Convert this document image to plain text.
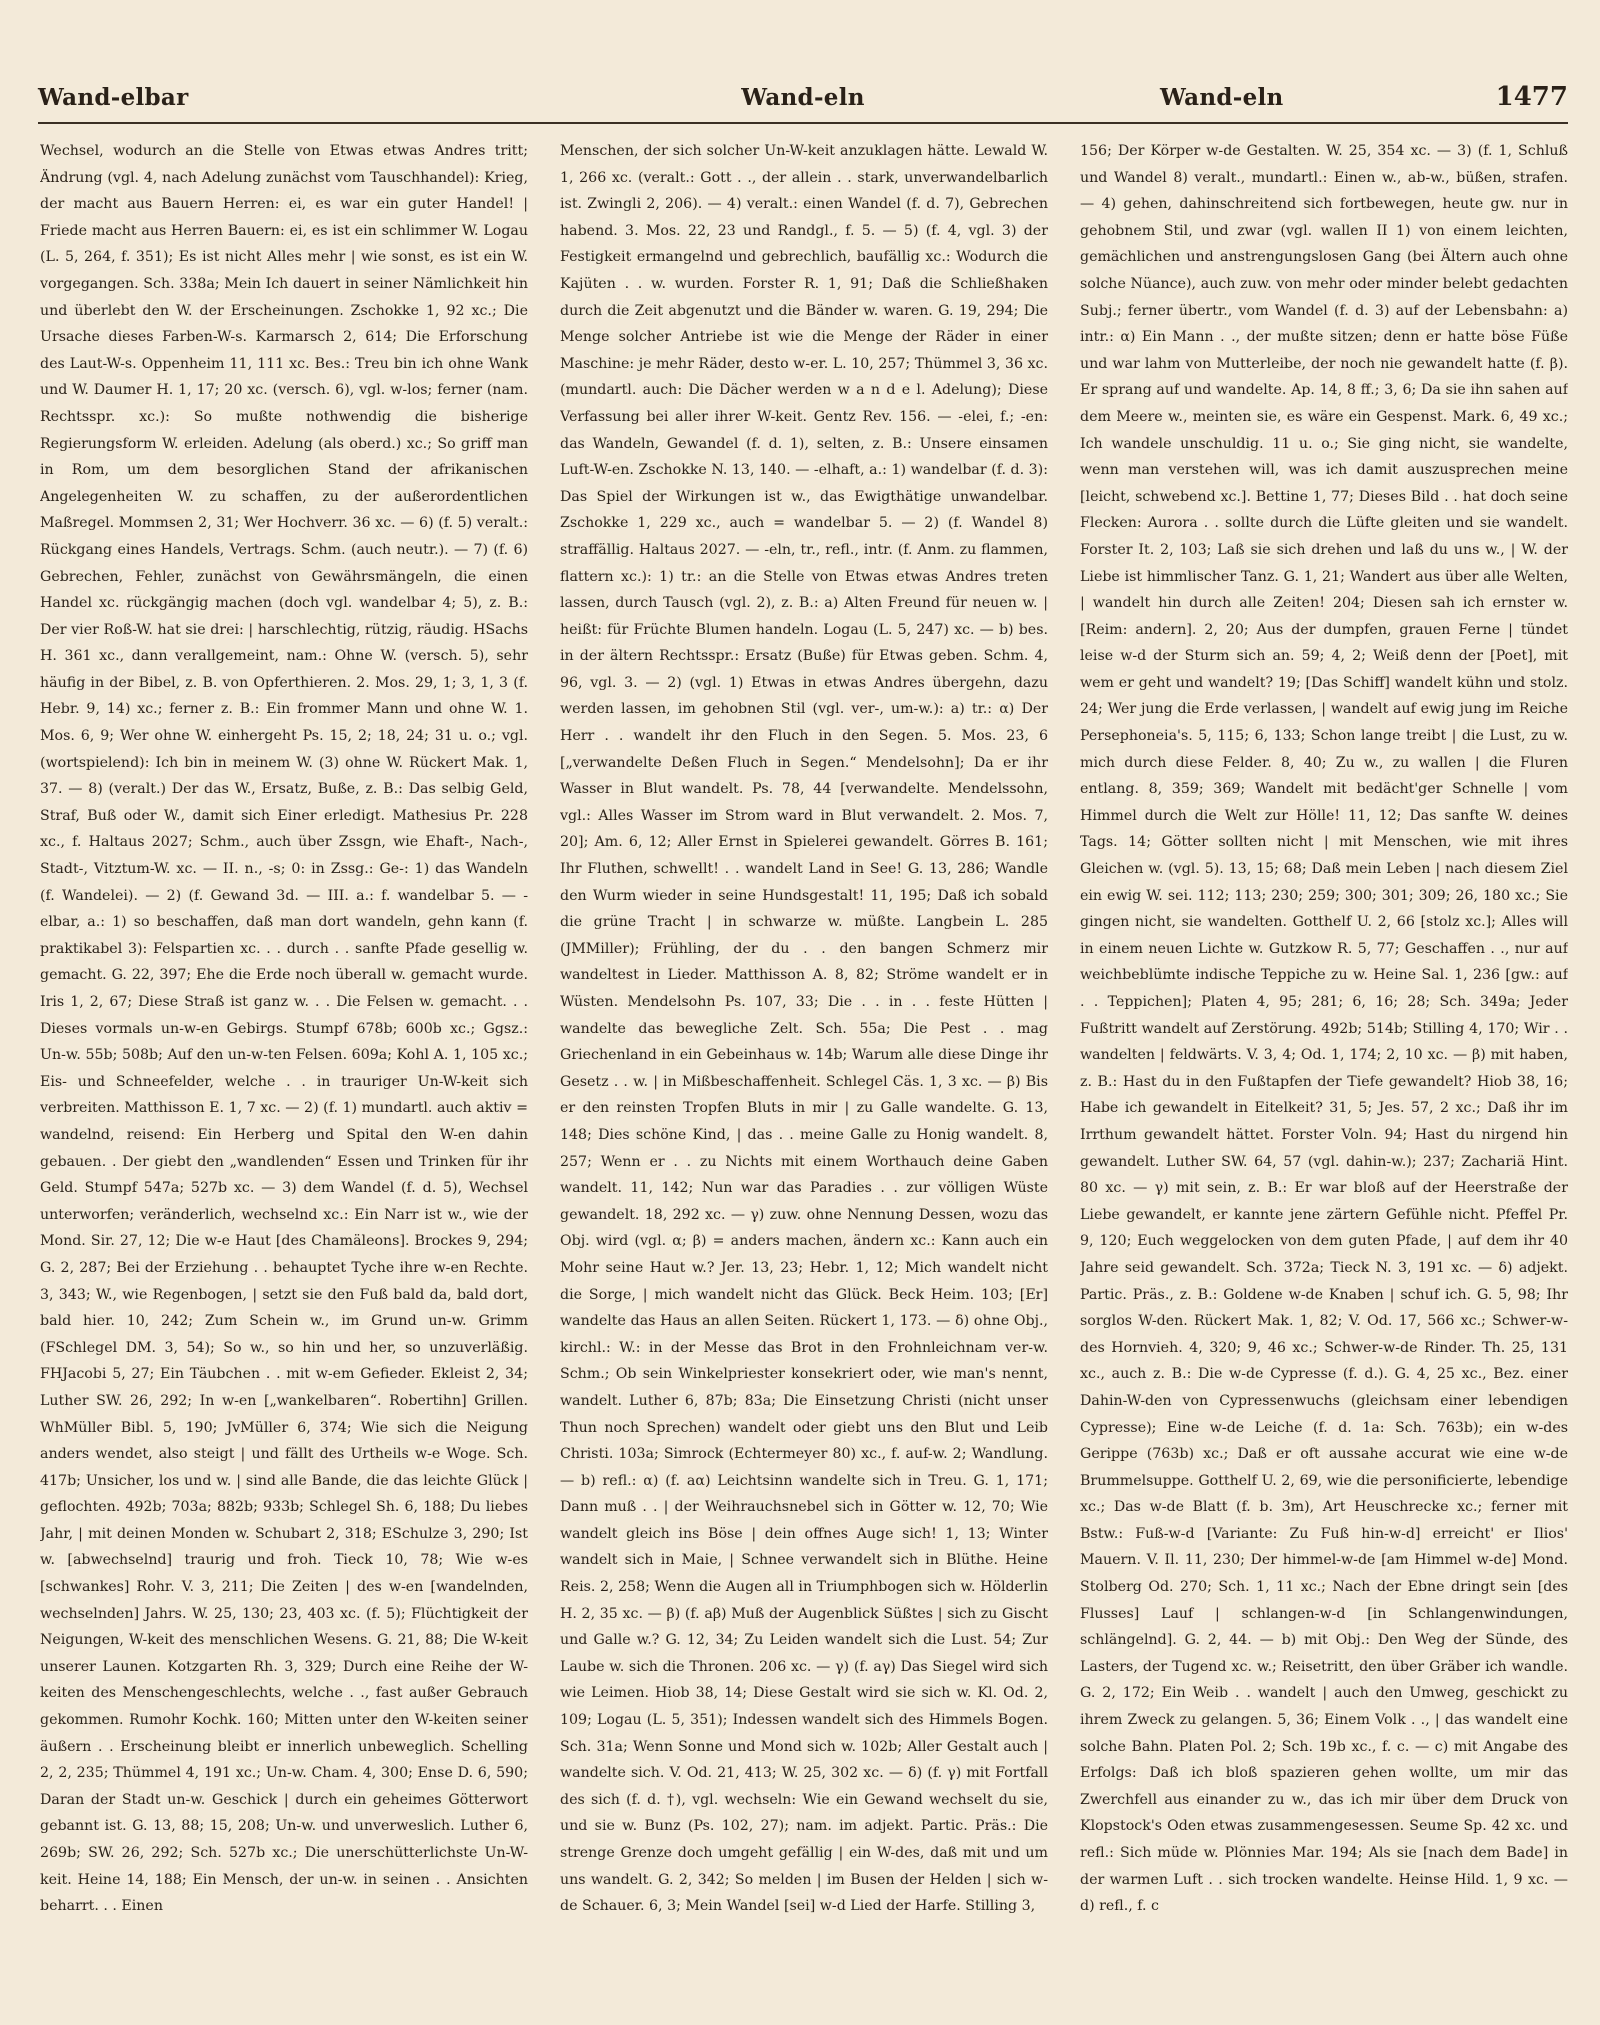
Wand-elbar	Wand-eln	Wand-eln	1477

Wechsel, wodurch an die Stelle von Etwas etwas Andres tritt; Ändrung (vgl. 4, nach Adelung zunächst vom Tauschhandel): Krieg, der macht aus Bauern Herren: ei, es war ein guter Handel! | Friede macht aus Herren Bauern: ei, es ist ein schlimmer W. Logau (L. 5, 264, f. 351); Es ist nicht Alles mehr | wie sonst, es ist ein W. vorgegangen. Sch. 338a; Mein Ich dauert in seiner Nämlichkeit hin und überlebt den W. der Erscheinungen. Zschokke 1, 92 xc.; Die Ursache dieses Farben-W-s. Karmarsch 2, 614; Die Erforschung des Laut-W-s. Oppenheim 11, 111 xc. Bes.: Treu bin ich ohne Wank und W. Daumer H. 1, 17; 20 xc. (versch. 6), vgl. w-los; ferner (nam. Rechtsspr. xc.): So mußte nothwendig die bisherige Regierungsform W. erleiden. Adelung (als oberd.) xc.; So griff man in Rom, um dem besorglichen Stand der afrikanischen Angelegenheiten W. zu schaffen, zu der außerordentlichen Maßregel. Mommsen 2, 31; Wer Hochverr. 36 xc. — 6) (f. 5) veralt.: Rückgang eines Handels, Vertrags. Schm. (auch neutr.). — 7) (f. 6) Gebrechen, Fehler, zunächst von Gewährsmängeln, die einen Handel xc. rückgängig machen (doch vgl. wandelbar 4; 5), z. B.: Der vier Roß-W. hat sie drei: | harschlechtig, rützig, räudig. HSachs H. 361 xc., dann verallgemeint, nam.: Ohne W. (versch. 5), sehr häufig in der Bibel, z. B. von Opferthieren. 2. Mos. 29, 1; 3, 1, 3 (f. Hebr. 9, 14) xc.; ferner z. B.: Ein frommer Mann und ohne W. 1. Mos. 6, 9; Wer ohne W. einhergeht Ps. 15, 2; 18, 24; 31 u. o.; vgl. (wortspielend): Ich bin in meinem W. (3) ohne W. Rückert Mak. 1, 37. — 8) (veralt.) Der das W., Ersatz, Buße, z. B.: Das selbig Geld, Straf, Buß oder W., damit sich Einer erledigt. Mathesius Pr. 228 xc., f. Haltaus 2027; Schm., auch über Zssgn, wie Ehaft-, Nach-, Stadt-, Vitztum-W. xc. — II. n., -s; 0: in Zssg.: Ge-: 1) das Wandeln (f. Wandelei). — 2) (f. Gewand 3d. — III. a.: f. wandelbar 5. — -elbar, a.: 1) so beschaffen, daß man dort wandeln, gehn kann (f. praktikabel 3): Felspartien xc. . . durch . . sanfte Pfade gesellig w. gemacht. G. 22, 397; Ehe die Erde noch überall w. gemacht wurde. Iris 1, 2, 67; Diese Straß ist ganz w. . . Die Felsen w. gemacht. . . Dieses vormals un-w-en Gebirgs. Stumpf 678b; 600b xc.; Ggsz.: Un-w. 55b; 508b; Auf den un-w-ten Felsen. 609a; Kohl A. 1, 105 xc.; Eis- und Schneefelder, welche . . in trauriger Un-W-keit sich verbreiten. Matthisson E. 1, 7 xc. — 2) (f. 1) mundartl. auch aktiv = wandelnd, reisend: Ein Herberg und Spital den W-en dahin gebauen. . Der giebt den „wandlenden“ Essen und Trinken für ihr Geld. Stumpf 547a; 527b xc. — 3) dem Wandel (f. d. 5), Wechsel unterworfen; veränderlich, wechselnd xc.: Ein Narr ist w., wie der Mond. Sir. 27, 12; Die w-e Haut [des Chamäleons]. Brockes 9, 294; G. 2, 287; Bei der Erziehung . . behauptet Tyche ihre w-en Rechte. 3, 343; W., wie Regenbogen, | setzt sie den Fuß bald da, bald dort, bald hier. 10, 242; Zum Schein w., im Grund un-w. Grimm (FSchlegel DM. 3, 54); So w., so hin und her, so unzuverläßig. FHJacobi 5, 27; Ein Täubchen . . mit w-em Gefieder. Ekleist 2, 34; Luther SW. 26, 292; In w-en [„wankelbaren“. Robertihn] Grillen. WhMüller Bibl. 5, 190; JvMüller 6, 374; Wie sich die Neigung anders wendet, also steigt | und fällt des Urtheils w-e Woge. Sch. 417b; Unsicher, los und w. | sind alle Bande, die das leichte Glück | geflochten. 492b; 703a; 882b; 933b; Schlegel Sh. 6, 188; Du liebes Jahr, | mit deinen Monden w. Schubart 2, 318; ESchulze 3, 290; Ist w. [abwechselnd] traurig und froh. Tieck 10, 78; Wie w-es [schwankes] Rohr. V. 3, 211; Die Zeiten | des w-en [wandelnden, wechselnden] Jahrs. W. 25, 130; 23, 403 xc. (f. 5); Flüchtigkeit der Neigungen, W-keit des menschlichen Wesens. G. 21, 88; Die W-keit unserer Launen. Kotzgarten Rh. 3, 329; Durch eine Reihe der W-keiten des Menschengeschlechts, welche . ., fast außer Gebrauch gekommen. Rumohr Kochk. 160; Mitten unter den W-keiten seiner äußern . . Erscheinung bleibt er innerlich unbeweglich. Schelling 2, 2, 235; Thümmel 4, 191 xc.; Un-w. Cham. 4, 300; Ense D. 6, 590; Daran der Stadt un-w. Geschick | durch ein geheimes Götterwort gebannt ist. G. 13, 88; 15, 208; Un-w. und unverweslich. Luther 6, 269b; SW. 26, 292; Sch. 527b xc.; Die unerschütterlichste Un-W-keit. Heine 14, 188; Ein Mensch, der un-w. in seinen . . Ansichten beharrt. . . Einen

Menschen, der sich solcher Un-W-keit anzuklagen hätte. Lewald W. 1, 266 xc. (veralt.: Gott . ., der allein . . stark, unverwandelbarlich ist. Zwingli 2, 206). — 4) veralt.: einen Wandel (f. d. 7), Gebrechen habend. 3. Mos. 22, 23 und Randgl., f. 5. — 5) (f. 4, vgl. 3) der Festigkeit ermangelnd und gebrechlich, baufällig xc.: Wodurch die Kajüten . . w. wurden. Forster R. 1, 91; Daß die Schließhaken durch die Zeit abgenutzt und die Bänder w. waren. G. 19, 294; Die Menge solcher Antriebe ist wie die Menge der Räder in einer Maschine: je mehr Räder, desto w-er. L. 10, 257; Thümmel 3, 36 xc. (mundartl. auch: Die Dächer werden w a n d e l. Adelung); Diese Verfassung bei aller ihrer W-keit. Gentz Rev. 156. — -elei, f.; -en: das Wandeln, Gewandel (f. d. 1), selten, z. B.: Unsere einsamen Luft-W-en. Zschokke N. 13, 140. — -elhaft, a.: 1) wandelbar (f. d. 3): Das Spiel der Wirkungen ist w., das Ewigthätige unwandelbar. Zschokke 1, 229 xc., auch = wandelbar 5. — 2) (f. Wandel 8) straffällig. Haltaus 2027. — -eln, tr., refl., intr. (f. Anm. zu flammen, flattern xc.): 1) tr.: an die Stelle von Etwas etwas Andres treten lassen, durch Tausch (vgl. 2), z. B.: a) Alten Freund für neuen w. | heißt: für Früchte Blumen handeln. Logau (L. 5, 247) xc. — b) bes. in der ältern Rechtsspr.: Ersatz (Buße) für Etwas geben. Schm. 4, 96, vgl. 3. — 2) (vgl. 1) Etwas in etwas Andres übergehn, dazu werden lassen, im gehobnen Stil (vgl. ver-, um-w.): a) tr.: α) Der Herr . . wandelt ihr den Fluch in den Segen. 5. Mos. 23, 6 [„verwandelte Deßen Fluch in Segen.“ Mendelsohn]; Da er ihr Wasser in Blut wandelt. Ps. 78, 44 [verwandelte. Mendelssohn, vgl.: Alles Wasser im Strom ward in Blut verwandelt. 2. Mos. 7, 20]; Am. 6, 12; Aller Ernst in Spielerei gewandelt. Görres B. 161; Ihr Fluthen, schwellt! . . wandelt Land in See! G. 13, 286; Wandle den Wurm wieder in seine Hundsgestalt! 11, 195; Daß ich sobald die grüne Tracht | in schwarze w. müßte. Langbein L. 285 (JMMiller); Frühling, der du . . den bangen Schmerz mir wandeltest in Lieder. Matthisson A. 8, 82; Ströme wandelt er in Wüsten. Mendelsohn Ps. 107, 33; Die . . in . . feste Hütten | wandelte das bewegliche Zelt. Sch. 55a; Die Pest . . mag Griechenland in ein Gebeinhaus w. 14b; Warum alle diese Dinge ihr Gesetz . . w. | in Mißbeschaffenheit. Schlegel Cäs. 1, 3 xc. — β) Bis er den reinsten Tropfen Bluts in mir | zu Galle wandelte. G. 13, 148; Dies schöne Kind, | das . . meine Galle zu Honig wandelt. 8, 257; Wenn er . . zu Nichts mit einem Worthauch deine Gaben wandelt. 11, 142; Nun war das Paradies . . zur völligen Wüste gewandelt. 18, 292 xc. — γ) zuw. ohne Nennung Dessen, wozu das Obj. wird (vgl. α; β) = anders machen, ändern xc.: Kann auch ein Mohr seine Haut w.? Jer. 13, 23; Hebr. 1, 12; Mich wandelt nicht die Sorge, | mich wandelt nicht das Glück. Beck Heim. 103; [Er] wandelte das Haus an allen Seiten. Rückert 1, 173. — δ) ohne Obj., kirchl.: W.: in der Messe das Brot in den Frohnleichnam ver-w. Schm.; Ob sein Winkelpriester konsekriert oder, wie man's nennt, wandelt. Luther 6, 87b; 83a; Die Einsetzung Christi (nicht unser Thun noch Sprechen) wandelt oder giebt uns den Blut und Leib Christi. 103a; Simrock (Echtermeyer 80) xc., f. auf-w. 2; Wandlung. — b) refl.: α) (f. aα) Leichtsinn wandelte sich in Treu. G. 1, 171; Dann muß . . | der Weihrauchsnebel sich in Götter w. 12, 70; Wie wandelt gleich ins Böse | dein offnes Auge sich! 1, 13; Winter wandelt sich in Maie, | Schnee verwandelt sich in Blüthe. Heine Reis. 2, 258; Wenn die Augen all in Triumphbogen sich w. Hölderlin H. 2, 35 xc. — β) (f. aβ) Muß der Augenblick Süßtes | sich zu Gischt und Galle w.? G. 12, 34; Zu Leiden wandelt sich die Lust. 54; Zur Laube w. sich die Thronen. 206 xc. — γ) (f. aγ) Das Siegel wird sich wie Leimen. Hiob 38, 14; Diese Gestalt wird sie sich w. Kl. Od. 2, 109; Logau (L. 5, 351); Indessen wandelt sich des Himmels Bogen. Sch. 31a; Wenn Sonne und Mond sich w. 102b; Aller Gestalt auch | wandelte sich. V. Od. 21, 413; W. 25, 302 xc. — δ) (f. γ) mit Fortfall des sich (f. d. †), vgl. wechseln: Wie ein Gewand wechselt du sie, und sie w. Bunz (Ps. 102, 27); nam. im adjekt. Partic. Präs.: Die strenge Grenze doch umgeht gefällig | ein W-des, daß mit und um uns wandelt. G. 2, 342; So melden | im Busen der Helden | sich w-de Schauer. 6, 3; Mein Wandel [sei] w-d Lied der Harfe. Stilling 3,

156; Der Körper w-de Gestalten. W. 25, 354 xc. — 3) (f. 1, Schluß und Wandel 8) veralt., mundartl.: Einen w., ab-w., büßen, strafen. — 4) gehen, dahinschreitend sich fortbewegen, heute gw. nur in gehobnem Stil, und zwar (vgl. wallen II 1) von einem leichten, gemächlichen und anstrengungslosen Gang (bei Ältern auch ohne solche Nüance), auch zuw. von mehr oder minder belebt gedachten Subj.; ferner übertr., vom Wandel (f. d. 3) auf der Lebensbahn: a) intr.: α) Ein Mann . ., der mußte sitzen; denn er hatte böse Füße und war lahm von Mutterleibe, der noch nie gewandelt hatte (f. β). Er sprang auf und wandelte. Ap. 14, 8 ff.; 3, 6; Da sie ihn sahen auf dem Meere w., meinten sie, es wäre ein Gespenst. Mark. 6, 49 xc.; Ich wandele unschuldig. 11 u. o.; Sie ging nicht, sie wandelte, wenn man verstehen will, was ich damit auszusprechen meine [leicht, schwebend xc.]. Bettine 1, 77; Dieses Bild . . hat doch seine Flecken: Aurora . . sollte durch die Lüfte gleiten und sie wandelt. Forster It. 2, 103; Laß sie sich drehen und laß du uns w., | W. der Liebe ist himmlischer Tanz. G. 1, 21; Wandert aus über alle Welten, | wandelt hin durch alle Zeiten! 204; Diesen sah ich ernster w. [Reim: andern]. 2, 20; Aus der dumpfen, grauen Ferne | tündet leise w-d der Sturm sich an. 59; 4, 2; Weiß denn der [Poet], mit wem er geht und wandelt? 19; [Das Schiff] wandelt kühn und stolz. 24; Wer jung die Erde verlassen, | wandelt auf ewig jung im Reiche Persephoneia's. 5, 115; 6, 133; Schon lange treibt | die Lust, zu w. mich durch diese Felder. 8, 40; Zu w., zu wallen | die Fluren entlang. 8, 359; 369; Wandelt mit bedächt'ger Schnelle | vom Himmel durch die Welt zur Hölle! 11, 12; Das sanfte W. deines Tags. 14; Götter sollten nicht | mit Menschen, wie mit ihres Gleichen w. (vgl. 5). 13, 15; 68; Daß mein Leben | nach diesem Ziel ein ewig W. sei. 112; 113; 230; 259; 300; 301; 309; 26, 180 xc.; Sie gingen nicht, sie wandelten. Gotthelf U. 2, 66 [stolz xc.]; Alles will in einem neuen Lichte w. Gutzkow R. 5, 77; Geschaffen . ., nur auf weichbeblümte indische Teppiche zu w. Heine Sal. 1, 236 [gw.: auf . . Teppichen]; Platen 4, 95; 281; 6, 16; 28; Sch. 349a; Jeder Fußtritt wandelt auf Zerstörung. 492b; 514b; Stilling 4, 170; Wir . . wandelten | feldwärts. V. 3, 4; Od. 1, 174; 2, 10 xc. — β) mit haben, z. B.: Hast du in den Fußtapfen der Tiefe gewandelt? Hiob 38, 16; Habe ich gewandelt in Eitelkeit? 31, 5; Jes. 57, 2 xc.; Daß ihr im Irrthum gewandelt hättet. Forster Voln. 94; Hast du nirgend hin gewandelt. Luther SW. 64, 57 (vgl. dahin-w.); 237; Zachariä Hint. 80 xc. — γ) mit sein, z. B.: Er war bloß auf der Heerstraße der Liebe gewandelt, er kannte jene zärtern Gefühle nicht. Pfeffel Pr. 9, 120; Euch weggelocken von dem guten Pfade, | auf dem ihr 40 Jahre seid gewandelt. Sch. 372a; Tieck N. 3, 191 xc. — δ) adjekt. Partic. Präs., z. B.: Goldene w-de Knaben | schuf ich. G. 5, 98; Ihr sorglos W-den. Rückert Mak. 1, 82; V. Od. 17, 566 xc.; Schwer-w-des Hornvieh. 4, 320; 9, 46 xc.; Schwer-w-de Rinder. Th. 25, 131 xc., auch z. B.: Die w-de Cypresse (f. d.). G. 4, 25 xc., Bez. einer Dahin-W-den von Cypressenwuchs (gleichsam einer lebendigen Cypresse); Eine w-de Leiche (f. d. 1a: Sch. 763b); ein w-des Gerippe (763b) xc.; Daß er oft aussahe accurat wie eine w-de Brummelsuppe. Gotthelf U. 2, 69, wie die personificierte, lebendige xc.; Das w-de Blatt (f. b. 3m), Art Heuschrecke xc.; ferner mit Bstw.: Fuß-w-d [Variante: Zu Fuß hin-w-d] erreicht' er Ilios' Mauern. V. Il. 11, 230; Der himmel-w-de [am Himmel w-de] Mond. Stolberg Od. 270; Sch. 1, 11 xc.; Nach der Ebne dringt sein [des Flusses] Lauf | schlangen-w-d [in Schlangenwindungen, schlängelnd]. G. 2, 44. — b) mit Obj.: Den Weg der Sünde, des Lasters, der Tugend xc. w.; Reisetritt, den über Gräber ich wandle. G. 2, 172; Ein Weib . . wandelt | auch den Umweg, geschickt zu ihrem Zweck zu gelangen. 5, 36; Einem Volk . ., | das wandelt eine solche Bahn. Platen Pol. 2; Sch. 19b xc., f. c. — c) mit Angabe des Erfolgs: Daß ich bloß spazieren gehen wollte, um mir das Zwerchfell aus einander zu w., das ich mir über dem Druck von Klopstock's Oden etwas zusammengesessen. Seume Sp. 42 xc. und refl.: Sich müde w. Plönnies Mar. 194; Als sie [nach dem Bade] in der warmen Luft . . sich trocken wandelte. Heinse Hild. 1, 9 xc. — d) refl., f. c
